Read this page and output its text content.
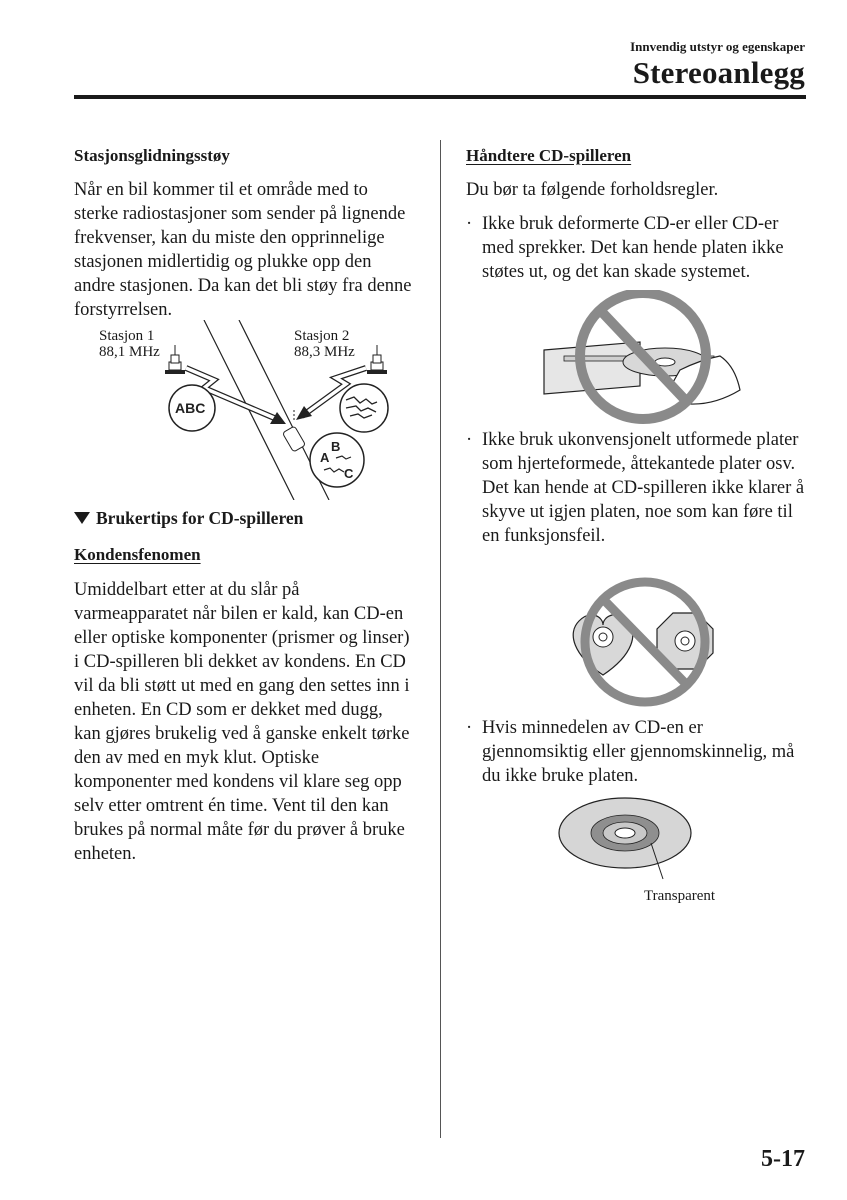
Innvendig utstyr og egenskaper
Stereoanlegg
Stasjonsglidningsstøy

Når en bil kommer til et område med to sterke radiostasjoner som sender på lignende frekvenser, kan du miste den opprinnelige stasjonen midlertidig og plukke opp den andre stasjonen. Da kan det bli støy fra denne forstyrrelsen.

Stasjon 1
88,1 MHz
Stasjon 2
88,3 MHz
ABC
A
B
C
Brukertips for CD-spilleren
Kondensfenomen

Umiddelbart etter at du slår på varmeapparatet når bilen er kald, kan CD-en eller optiske komponenter (prismer og linser) i CD-spilleren bli dekket av kondens. En CD vil da bli støtt ut med en gang den settes inn i enheten. En CD som er dekket med dugg, kan gjøres brukelig ved å ganske enkelt tørke den av med en myk klut. Optiske komponenter med kondens vil klare seg opp selv etter omtrent én time. Vent til den kan brukes på normal måte før du prøver å bruke enheten.

Håndtere CD-spilleren

Du bør ta følgende forholdsregler.

· Ikke bruk deformerte CD-er eller CD-er med sprekker. Det kan hende platen ikke støtes ut, og det kan skade systemet.
· Ikke bruk ukonvensjonelt utformede plater som hjerteformede, åttekantede plater osv. Det kan hende at CD-spilleren ikke klarer å skyve ut igjen platen, noe som kan føre til en funksjonsfeil.
· Hvis minnedelen av CD-en er gjennomsiktig eller gjennomskinnelig, må du ikke bruke platen.
Transparent
5-17
